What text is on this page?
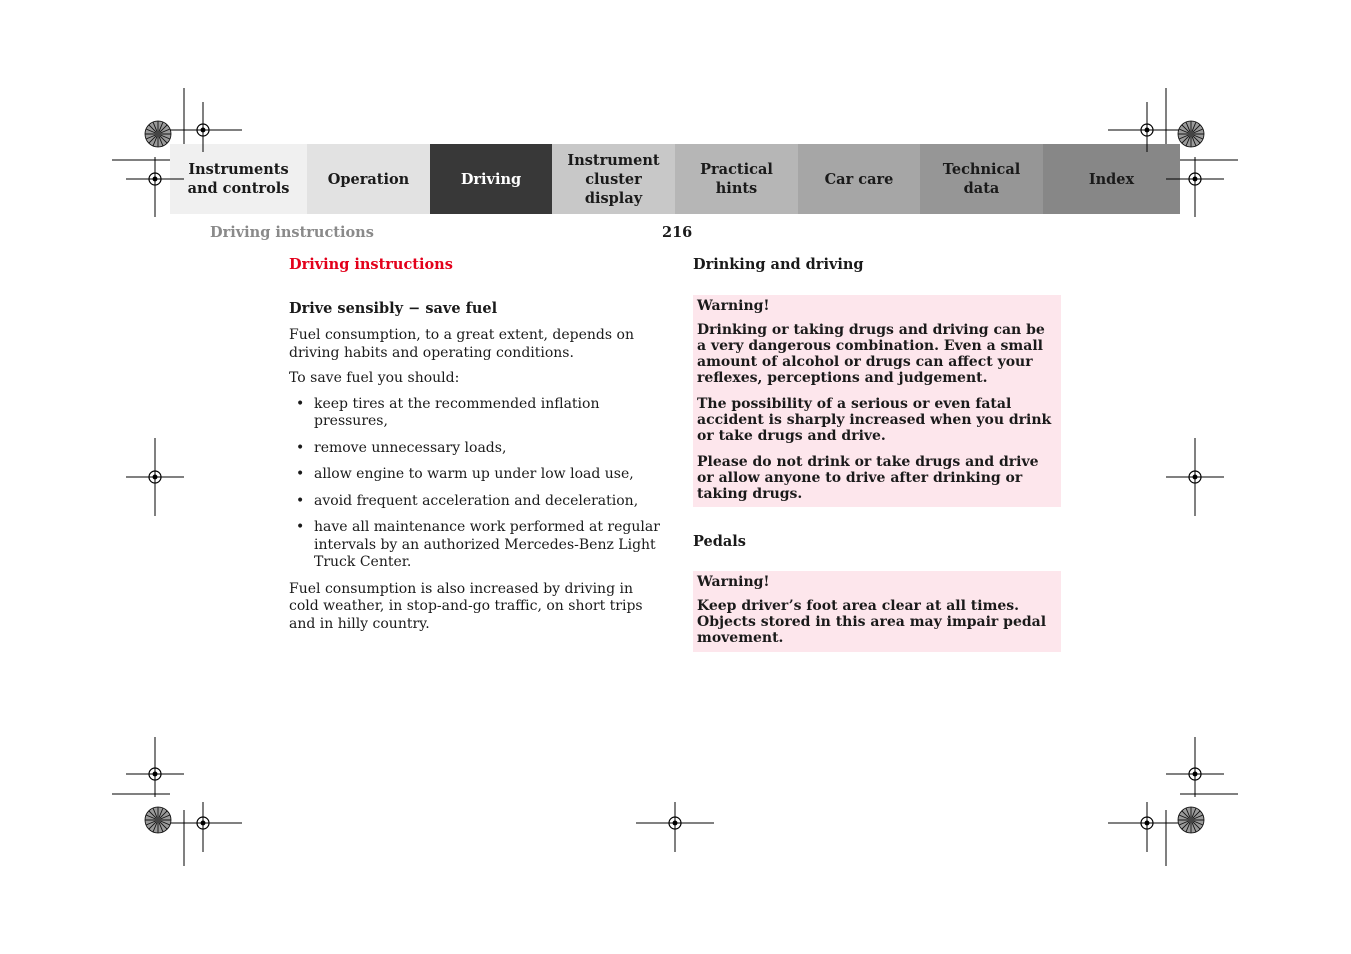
Instruments
and controls
Operation	Driving
Instrument
cluster display
Practical hints
Car care
Technical
data
Index
Driving instructions	216
Driving instructions
Drive sensibly − save fuel

Fuel consumption, to a great extent, depends on driving habits and operating conditions.

To save fuel you should:

• keep tires at the recommended inflation pressures,
• remove unnecessary loads,
• allow engine to warm up under low load use,
• avoid frequent acceleration and deceleration,
• have all maintenance work performed at regular intervals by an authorized Mercedes-Benz Light Truck Center.

Fuel consumption is also increased by driving in cold weather, in stop-and-go traffic, on short trips and in hilly country.

Drinking and driving
Warning!

Drinking or taking drugs and driving can be a very dangerous combination. Even a small amount of alcohol or drugs can affect your reflexes, perceptions and judgement.

The possibility of a serious or even fatal accident is sharply increased when you drink or take drugs and drive.

Please do not drink or take drugs and drive or allow anyone to drive after drinking or taking drugs.

Pedals
Warning!

Keep driver’s foot area clear at all times. Objects stored in this area may impair pedal movement.
